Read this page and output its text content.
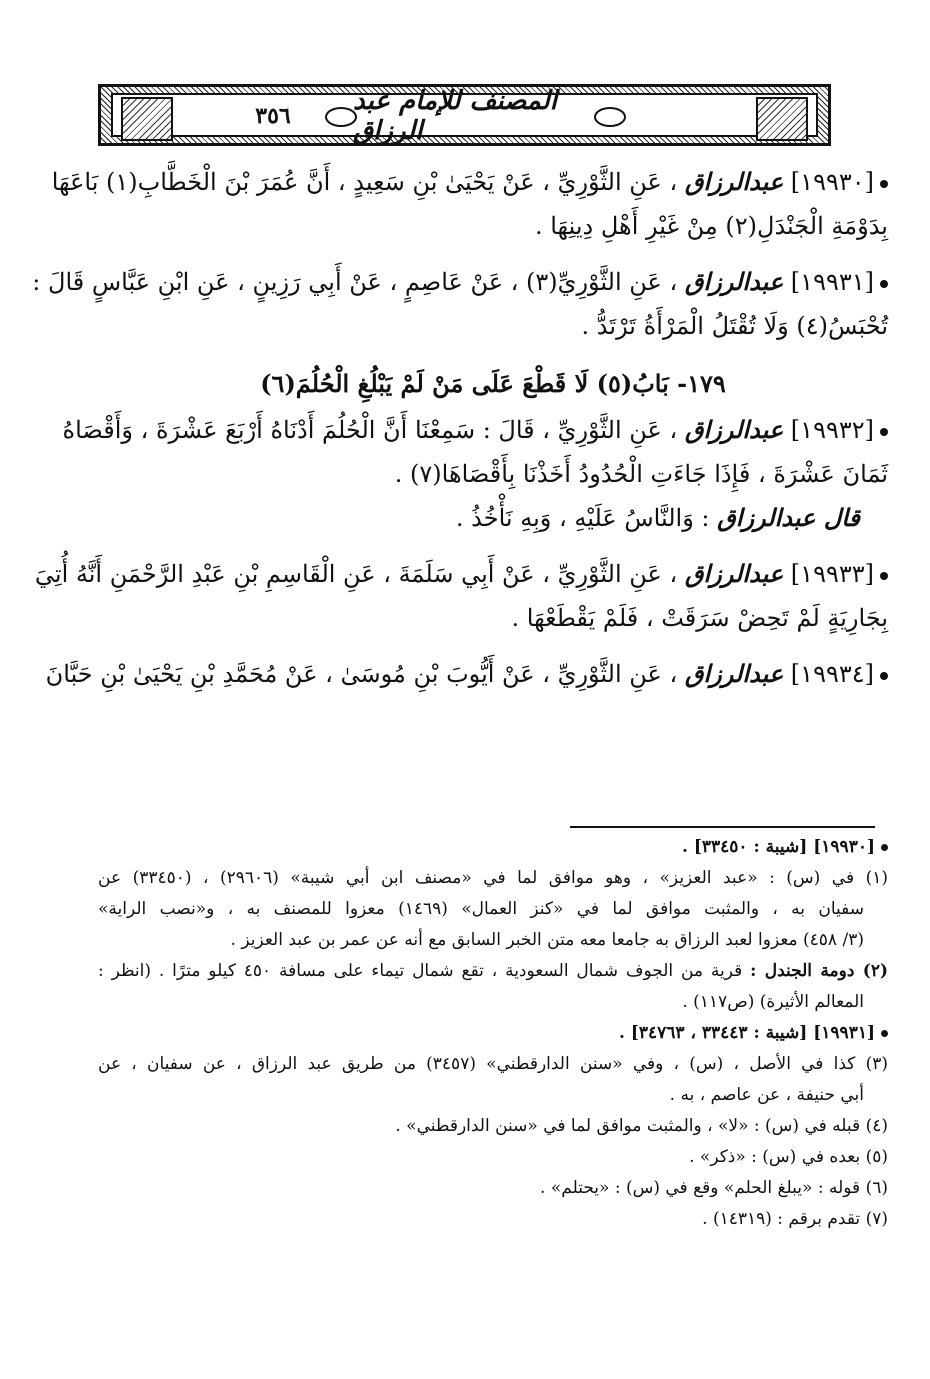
٣٥٦	المصنف للإمام عبد الرزاق
[١٩٩٣٠] عبدالرزاق ، عَنِ الثَّوْرِيِّ ، عَنْ يَحْيَىٰ بْنِ سَعِيدٍ ، أَنَّ عُمَرَ بْنَ الْخَطَّابِ(١) بَاعَهَا
بِدَوْمَةِ الْجَنْدَلِ(٢) مِنْ غَيْرِ أَهْلِ دِينِهَا .
[١٩٩٣١] عبدالرزاق ، عَنِ الثَّوْرِيِّ(٣) ، عَنْ عَاصِمٍ ، عَنْ أَبِي رَزِينٍ ، عَنِ ابْنِ عَبَّاسٍ قَالَ :
تُحْبَسُ(٤) وَلَا تُقْتَلُ الْمَرْأَةُ تَرْتَدُّ .
١٧٩- بَابُ(٥) لَا قَطْعَ عَلَى مَنْ لَمْ يَبْلُغِ الْحُلُمَ(٦)
[١٩٩٣٢] عبدالرزاق ، عَنِ الثَّوْرِيِّ ، قَالَ : سَمِعْنَا أَنَّ الْحُلُمَ أَدْنَاهُ أَرْبَعَ عَشْرَةَ ، وَأَقْصَاهُ
ثَمَانَ عَشْرَةَ ، فَإِذَا جَاءَتِ الْحُدُودُ أَخَذْنَا بِأَقْصَاهَا(٧) .
قال عبدالرزاق : وَالنَّاسُ عَلَيْهِ ، وَبِهِ نَأْخُذُ .
[١٩٩٣٣] عبدالرزاق ، عَنِ الثَّوْرِيِّ ، عَنْ أَبِي سَلَمَةَ ، عَنِ الْقَاسِمِ بْنِ عَبْدِ الرَّحْمَنِ أَنَّهُ أُتِيَ
بِجَارِيَةٍ لَمْ تَحِضْ سَرَقَتْ ، فَلَمْ يَقْطَعْهَا .
[١٩٩٣٤] عبدالرزاق ، عَنِ الثَّوْرِيِّ ، عَنْ أَيُّوبَ بْنِ مُوسَىٰ ، عَنْ مُحَمَّدِ بْنِ يَحْيَىٰ بْنِ حَبَّانَ
[١٩٩٣٠] [شيبة : ٣٣٤٥٠] .
(١) في (س) : «عبد العزيز» ، وهو موافق لما في «مصنف ابن أبي شيبة» (٢٩٦٠٦) ، (٣٣٤٥٠) عن
سفيان به ، والمثبت موافق لما في «كنز العمال» (١٤٦٩) معزوا للمصنف به ، و«نصب الراية»
(٣/ ٤٥٨) معزوا لعبد الرزاق به جامعا معه متن الخبر السابق مع أنه عن عمر بن عبد العزيز .
(٢) دومة الجندل : قرية من الجوف شمال السعودية ، تقع شمال تيماء على مسافة ٤٥٠ كيلو مترًا . (انظر :
المعالم الأثيرة) (ص١١٧) .
[١٩٩٣١] [شيبة : ٣٣٤٤٣ ، ٣٤٧٦٣] .
(٣) كذا في الأصل ، (س) ، وفي «سنن الدارقطني» (٣٤٥٧) من طريق عبد الرزاق ، عن سفيان ، عن
أبي حنيفة ، عن عاصم ، به .
(٤) قبله في (س) : «لا» ، والمثبت موافق لما في «سنن الدارقطني» .
(٥) بعده في (س) : «ذكر» .
(٦) قوله : «يبلغ الحلم» وقع في (س) : «يحتلم» .
(٧) تقدم برقم : (١٤٣١٩) .
